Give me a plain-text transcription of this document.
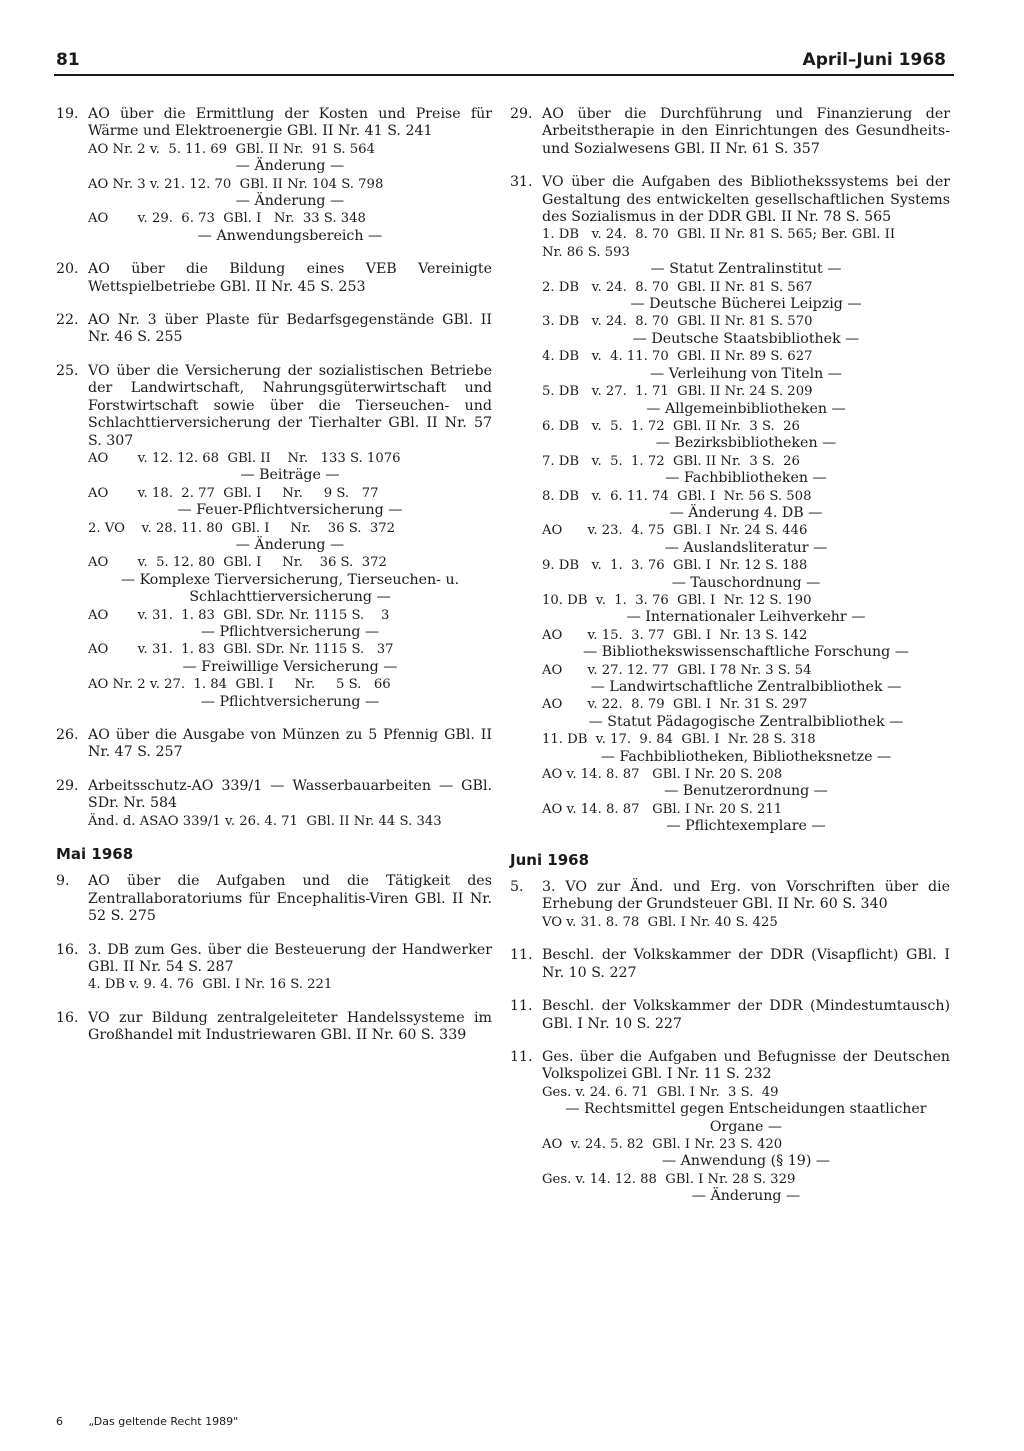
81	April–Juni 1968
19. AO über die Ermittlung der Kosten und Preise für Wärme und Elektroenergie GBl. II Nr. 41 S. 241
AO Nr. 2 v.  5. 11. 69  GBl. II Nr.  91 S. 564
— Änderung —
AO Nr. 3 v. 21. 12. 70  GBl. II Nr. 104 S. 798
— Änderung —
AO       v. 29.  6. 73  GBl. I   Nr.  33 S. 348
— Anwendungsbereich —
20. AO über die Bildung eines VEB Vereinigte Wettspielbetriebe GBl. II Nr. 45 S. 253
22. AO Nr. 3 über Plaste für Bedarfsgegenstände GBl. II Nr. 46 S. 255
25. VO über die Versicherung der sozialistischen Betriebe der Landwirtschaft, Nahrungsgüterwirtschaft und Forstwirtschaft sowie über die Tierseuchen- und Schlachttierversicherung der Tierhalter GBl. II Nr. 57 S. 307
AO       v. 12. 12. 68  GBl. II    Nr.   133 S. 1076
— Beiträge —
AO       v. 18.  2. 77  GBl. I     Nr.     9 S.   77
— Feuer-Pflichtversicherung —
2. VO    v. 28. 11. 80  GBl. I     Nr.    36 S.  372
— Änderung —
AO       v.  5. 12. 80  GBl. I     Nr.    36 S.  372
— Komplexe Tierversicherung, Tierseuchen- u. Schlachttierversicherung —
AO       v. 31.  1. 83  GBl. SDr. Nr. 1115 S.    3
— Pflichtversicherung —
AO       v. 31.  1. 83  GBl. SDr. Nr. 1115 S.   37
— Freiwillige Versicherung —
AO Nr. 2 v. 27.  1. 84  GBl. I     Nr.     5 S.   66
— Pflichtversicherung —
26. AO über die Ausgabe von Münzen zu 5 Pfennig GBl. II Nr. 47 S. 257
29. Arbeitsschutz-AO 339/1 — Wasserbauarbeiten — GBl. SDr. Nr. 584
Änd. d. ASAO 339/1 v. 26. 4. 71  GBl. II Nr. 44 S. 343
Mai 1968
9.	AO über die Aufgaben und die Tätigkeit des Zentrallaboratoriums für Encephalitis-Viren GBl. II Nr. 52 S. 275
16. 3. DB zum Ges. über die Besteuerung der Handwerker GBl. II Nr. 54 S. 287
4. DB v. 9. 4. 76  GBl. I Nr. 16 S. 221
16. VO zur Bildung zentralgeleiteter Handelssysteme im Großhandel mit Industriewaren GBl. II Nr. 60 S. 339
29. AO über die Durchführung und Finanzierung der Arbeitstherapie in den Einrichtungen des Gesundheits- und Sozialwesens GBl. II Nr. 61 S. 357
31. VO über die Aufgaben des Bibliothekssystems bei der Gestaltung des entwickelten gesellschaftlichen Systems des Sozialismus in der DDR GBl. II Nr. 78 S. 565
1. DB   v. 24.  8. 70  GBl. II Nr. 81 S. 565; Ber. GBl. II
Nr. 86 S. 593
— Statut Zentralinstitut —
2. DB   v. 24.  8. 70  GBl. II Nr. 81 S. 567
— Deutsche Bücherei Leipzig —
3. DB   v. 24.  8. 70  GBl. II Nr. 81 S. 570
— Deutsche Staatsbibliothek —
4. DB   v.  4. 11. 70  GBl. II Nr. 89 S. 627
— Verleihung von Titeln —
5. DB   v. 27.  1. 71  GBl. II Nr. 24 S. 209
— Allgemeinbibliotheken —
6. DB   v.  5.  1. 72  GBl. II Nr.  3 S.  26
— Bezirksbibliotheken —
7. DB   v.  5.  1. 72  GBl. II Nr.  3 S.  26
— Fachbibliotheken —
8. DB   v.  6. 11. 74  GBl. I  Nr. 56 S. 508
— Änderung 4. DB —
AO      v. 23.  4. 75  GBl. I  Nr. 24 S. 446
— Auslandsliteratur —
9. DB   v.  1.  3. 76  GBl. I  Nr. 12 S. 188
— Tauschordnung —
10. DB  v.  1.  3. 76  GBl. I  Nr. 12 S. 190
— Internationaler Leihverkehr —
AO      v. 15.  3. 77  GBl. I  Nr. 13 S. 142
— Bibliothekswissenschaftliche Forschung —
AO      v. 27. 12. 77  GBl. I 78 Nr. 3 S. 54
— Landwirtschaftliche Zentralbibliothek —
AO      v. 22.  8. 79  GBl. I  Nr. 31 S. 297
— Statut Pädagogische Zentralbibliothek —
11. DB  v. 17.  9. 84  GBl. I  Nr. 28 S. 318
— Fachbibliotheken, Bibliotheksnetze —
AO v. 14. 8. 87   GBl. I Nr. 20 S. 208
— Benutzerordnung —
AO v. 14. 8. 87   GBl. I Nr. 20 S. 211
— Pflichtexemplare —
Juni 1968
5.	3. VO zur Änd. und Erg. von Vorschriften über die Erhebung der Grundsteuer GBl. II Nr. 60 S. 340
VO v. 31. 8. 78  GBl. I Nr. 40 S. 425
11. Beschl. der Volkskammer der DDR (Visapflicht) GBl. I Nr. 10 S. 227
11. Beschl. der Volkskammer der DDR (Mindestumtausch) GBl. I Nr. 10 S. 227
11. Ges. über die Aufgaben und Befugnisse der Deutschen Volkspolizei GBl. I Nr. 11 S. 232
Ges. v. 24. 6. 71  GBl. I Nr.  3 S.  49
— Rechtsmittel gegen Entscheidungen staatlicher Organe —
AO  v. 24. 5. 82  GBl. I Nr. 23 S. 420
— Anwendung (§ 19) —
Ges. v. 14. 12. 88  GBl. I Nr. 28 S. 329
— Änderung —
6 „Das geltende Recht 1989"
